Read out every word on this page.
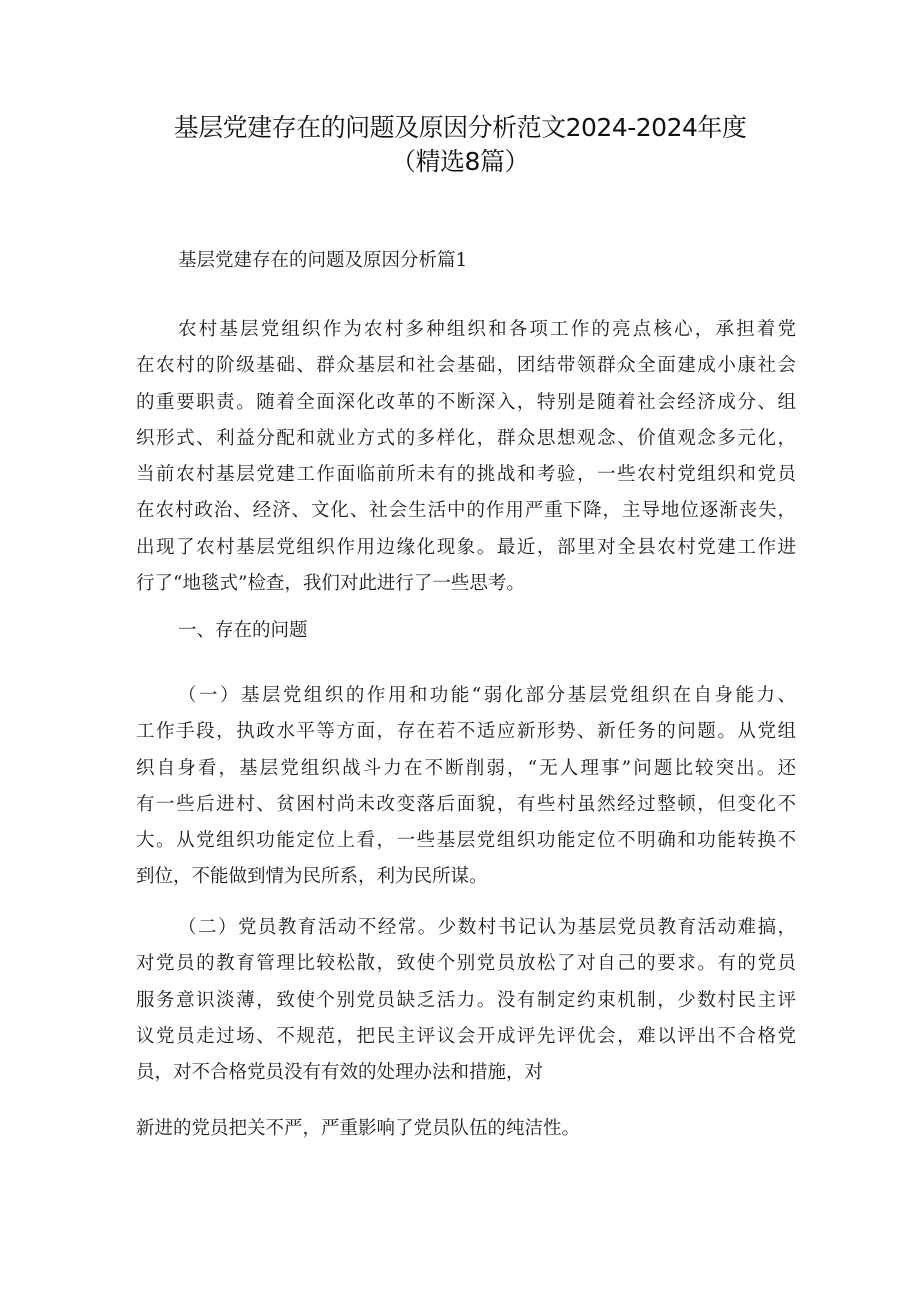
基层党建存在的问题及原因分析范文2024-2024年度
（精选8篇）
基层党建存在的问题及原因分析篇1
农村基层党组织作为农村多种组织和各项工作的亮点核心，承担着党
在农村的阶级基础、群众基层和社会基础，团结带领群众全面建成小康社会
的重要职责。随着全面深化改革的不断深入，特别是随着社会经济成分、组
织形式、利益分配和就业方式的多样化，群众思想观念、价值观念多元化，
当前农村基层党建工作面临前所未有的挑战和考验，一些农村党组织和党员
在农村政治、经济、文化、社会生活中的作用严重下降，主导地位逐渐丧失，
出现了农村基层党组织作用边缘化现象。最近，部里对全县农村党建工作进
行了“地毯式”检查，我们对此进行了一些思考。
一、存在的问题
（一）基层党组织的作用和功能“弱化部分基层党组织在自身能力、
工作手段，执政水平等方面，存在若不适应新形势、新任务的问题。从党组
织自身看，基层党组织战斗力在不断削弱，“无人理事”问题比较突出。还
有一些后进村、贫困村尚未改变落后面貌，有些村虽然经过整顿，但变化不
大。从党组织功能定位上看，一些基层党组织功能定位不明确和功能转换不
到位，不能做到情为民所系，利为民所谋。
（二）党员教育活动不经常。少数村书记认为基层党员教育活动难搞，
对党员的教育管理比较松散，致使个别党员放松了对自己的要求。有的党员
服务意识淡薄，致使个别党员缺乏活力。没有制定约束机制，少数村民主评
议党员走过场、不规范，把民主评议会开成评先评优会，难以评出不合格党
员，对不合格党员没有有效的处理办法和措施，对
新进的党员把关不严，严重影响了党员队伍的纯洁性。
